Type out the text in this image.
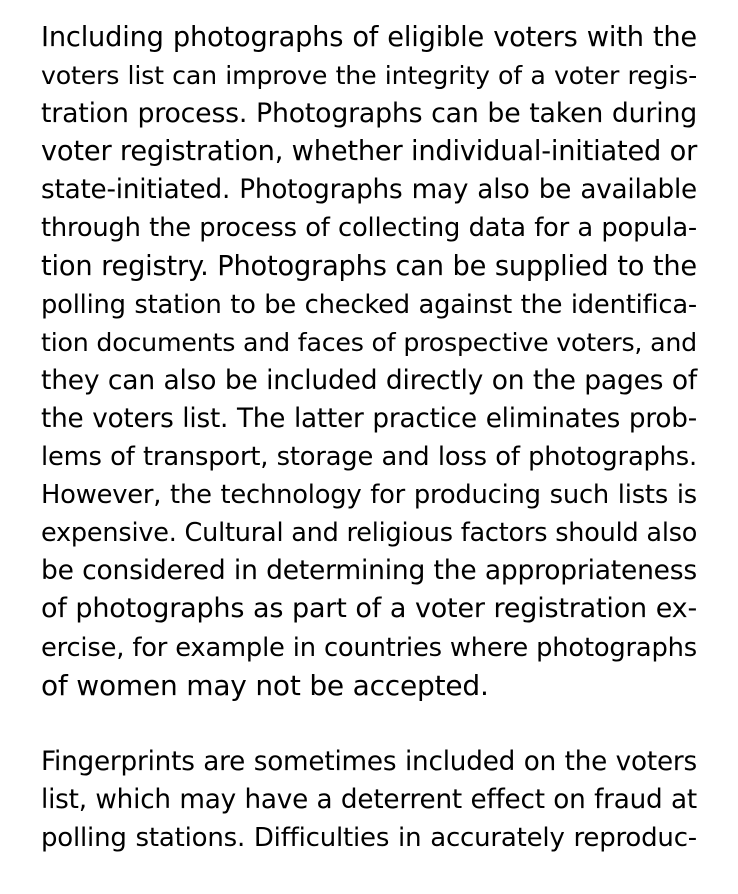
Including photographs of eligible voters with the
voters list can improve the integrity of a voter regis-
tration process. Photographs can be taken during
voter registration, whether individual-initiated or
state-initiated. Photographs may also be available
through the process of collecting data for a popula-
tion registry. Photographs can be supplied to the
polling station to be checked against the identifica-
tion documents and faces of prospective voters, and
they can also be included directly on the pages of
the voters list. The latter practice eliminates prob-
lems of transport, storage and loss of photographs.
However, the technology for producing such lists is
expensive. Cultural and religious factors should also
be considered in determining the appropriateness
of photographs as part of a voter registration ex-
ercise, for example in countries where photographs
of women may not be accepted.

Fingerprints are sometimes included on the voters
list, which may have a deterrent effect on fraud at
polling stations. Difficulties in accurately reproduc-
